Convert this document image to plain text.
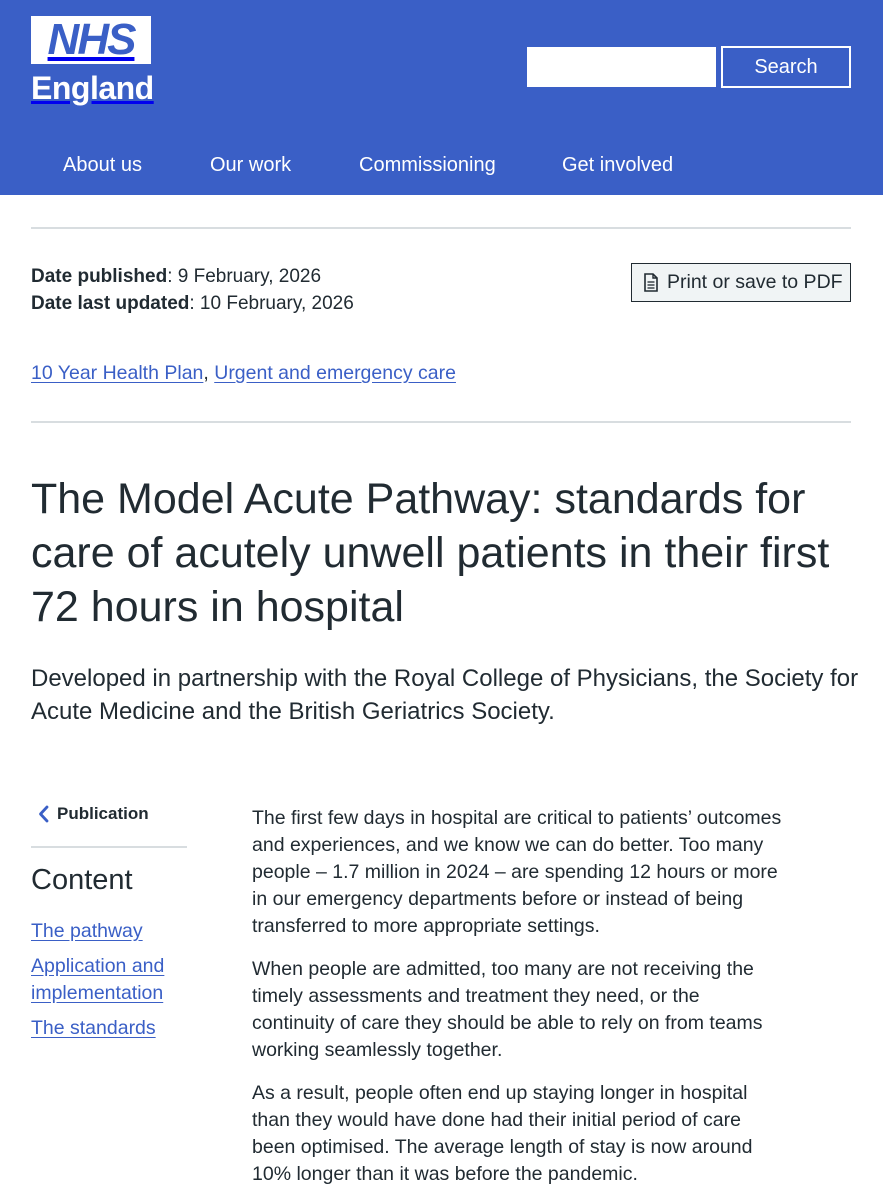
NHS
England
Search
About us	Our work	Commissioning	Get involved
Date published: 9 February, 2026
Date last updated: 10 February, 2026
Print or save to PDF
10 Year Health Plan, Urgent and emergency care
The Model Acute Pathway: standards for care of acutely unwell patients in their first 72 hours in hospital

Developed in partnership with the Royal College of Physicians, the Society for Acute Medicine and the British Geriatrics Society.

Publication
Content
The pathway
Application and implementation
The standards

The first few days in hospital are critical to patients’ outcomes and experiences, and we know we can do better. Too many people – 1.7 million in 2024 – are spending 12 hours or more in our emergency departments before or instead of being transferred to more appropriate settings.

When people are admitted, too many are not receiving the timely assessments and treatment they need, or the continuity of care they should be able to rely on from teams working seamlessly together.

As a result, people often end up staying longer in hospital than they would have done had their initial period of care been optimised. The average length of stay is now around 10% longer than it was before the pandemic.
